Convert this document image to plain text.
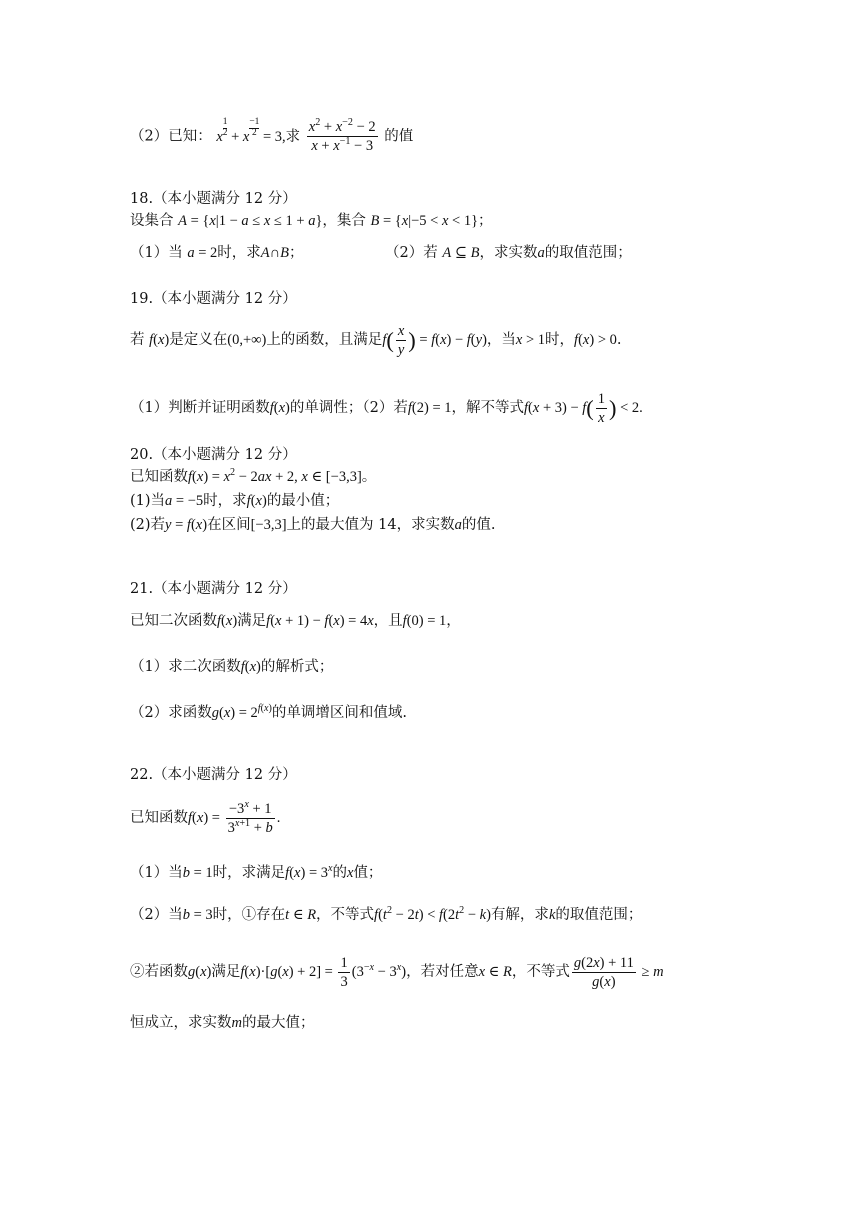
（2）已知： x $\frac{1}{2} + x \frac{-1}{2} = 3$,求 $\frac{x^2 + x^{-2} - 2}{x + x^{-1} - 3}$ 的值
18.（本小题满分 12 分）
设集合 A = {x|1 − a ≤ x ≤ 1 + a}，集合 B = {x|−5 < x < 1}；
（1）当 a = 2时，求A∩B；	（2）若 A ⊆ B，求实数a的取值范围；
19.（本小题满分 12 分）
若 f(x)是定义在(0,+∞)上的函数，且满足$f( \frac{x}{y}$ ) = f(x) − f(y)，当x > 1时，f(x) > 0.
（1）判断并证明函数f(x)的单调性；（2）若f(2) = 1，解不等式$f(x + 3) - f( \frac{1}{x}$ ) < 2.
20.（本小题满分 12 分）
已知函数$f(x) = x^2 - 2ax + 2$, x ∈ [−3,3]。
(1)当a = −5时，求f(x)的最小值；
(2)若y = f(x)在区间[−3,3]上的最大值为 14，求实数a的值.
21.（本小题满分 12 分）
已知二次函数f(x)满足f(x + 1) − f(x) = 4x，且f(0) = 1，
（1）求二次函数f(x)的解析式；
（2）求函数$g(x) = 2^{f(x)}$的单调增区间和值域.
22.（本小题满分 12 分）
已知函数$f(x) = \frac{-3^x + 1}{3^{x+1} + b}$ .
（1）当b = 1时，求满足$f(x) = 3^x$的x值；
（2）当b = 3时，①存在t ∈ R，不等式$f(t^2 - 2t) < f(2t^2 - k)$有解，求k的取值范围；
②若函数g(x)满足$f(x)\cdot[g(x) + 2] = \frac{1}{3} (3^{-x} - 3^x)$，若对任意x ∈ R，不等式 $\frac{g(2x) + 11}{g(x)} \ge m$
恒成立，求实数m的最大值；
